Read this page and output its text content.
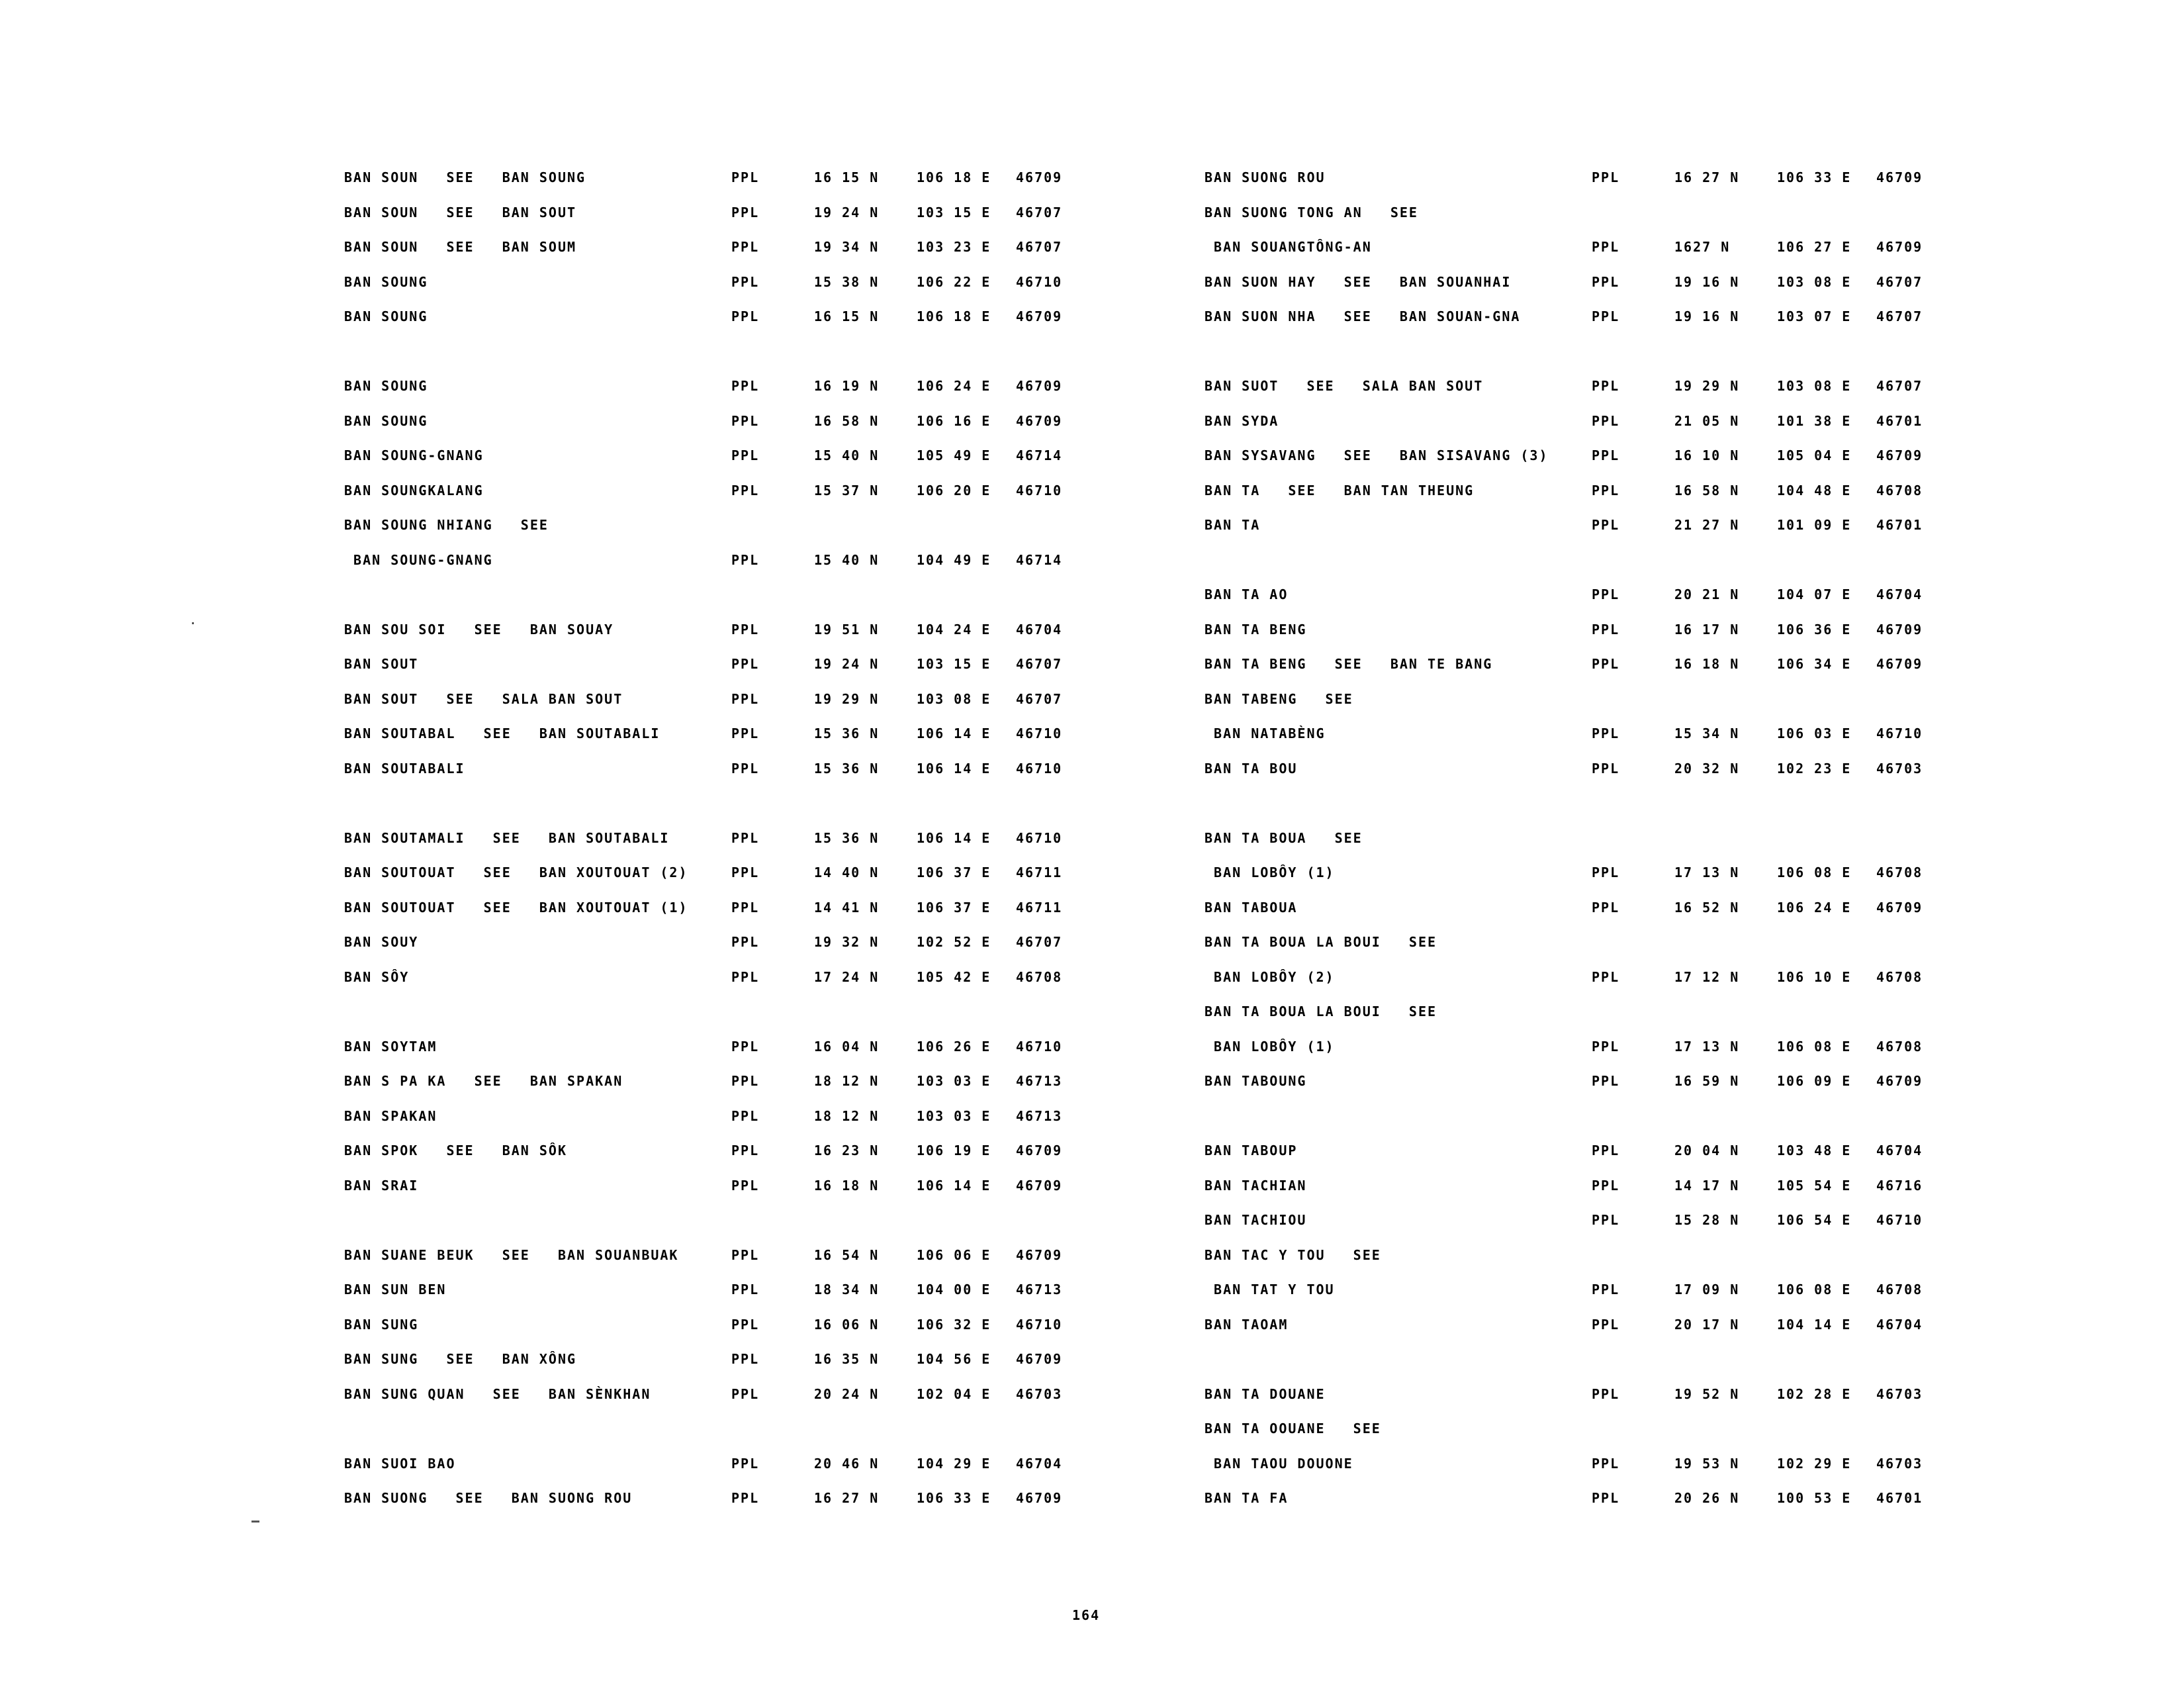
BAN SOUN   SEE   BAN SOUNG	PPL	16 15 N	106 18 E 46709
BAN SOUN   SEE   BAN SOUT	PPL	19 24 N	103 15 E 46707
BAN SOUN   SEE   BAN SOUM	PPL	19 34 N	103 23 E 46707
BAN SOUNG	PPL	15 38 N	106 22 E 46710
BAN SOUNG	PPL	16 15 N	106 18 E 46709
BAN SOUNG	PPL	16 19 N	106 24 E 46709
BAN SOUNG	PPL	16 58 N	106 16 E 46709
BAN SOUNG-GNANG	PPL	15 40 N	105 49 E 46714
BAN SOUNGKALANG	PPL	15 37 N	106 20 E 46710
BAN SOUNG NHIANG   SEE
BAN SOUNG-GNANG	PPL	15 40 N	104 49 E 46714
BAN SOU SOI   SEE   BAN SOUAY	PPL	19 51 N	104 24 E 46704
BAN SOUT	PPL	19 24 N	103 15 E 46707
BAN SOUT   SEE   SALA BAN SOUT	PPL	19 29 N	103 08 E 46707
BAN SOUTABAL   SEE   BAN SOUTABALI	PPL	15 36 N	106 14 E 46710
BAN SOUTABALI	PPL	15 36 N	106 14 E 46710
BAN SOUTAMALI   SEE   BAN SOUTABALI	PPL	15 36 N	106 14 E 46710
BAN SOUTOUAT   SEE   BAN XOUTOUAT (2)	PPL	14 40 N	106 37 E 46711
BAN SOUTOUAT   SEE   BAN XOUTOUAT (1)	PPL	14 41 N	106 37 E 46711
BAN SOUY	PPL	19 32 N	102 52 E 46707
BAN SÔY	PPL	17 24 N	105 42 E 46708
BAN SOYTAM	PPL	16 04 N	106 26 E 46710
BAN S PA KA   SEE   BAN SPAKAN	PPL	18 12 N	103 03 E 46713
BAN SPAKAN	PPL	18 12 N	103 03 E 46713
BAN SPOK   SEE   BAN SÔK	PPL	16 23 N	106 19 E 46709
BAN SRAI	PPL	16 18 N	106 14 E 46709
BAN SUANE BEUK   SEE   BAN SOUANBUAK	PPL	16 54 N	106 06 E 46709
BAN SUN BEN	PPL	18 34 N	104 00 E 46713
BAN SUNG	PPL	16 06 N	106 32 E 46710
BAN SUNG   SEE   BAN XÔNG	PPL	16 35 N	104 56 E 46709
BAN SUNG QUAN   SEE   BAN SÈNKHAN	PPL	20 24 N	102 04 E 46703
BAN SUOI BAO	PPL	20 46 N	104 29 E 46704
BAN SUONG   SEE   BAN SUONG ROU	PPL	16 27 N	106 33 E 46709
BAN SUONG ROU	PPL	16 27 N	106 33 E 46709
BAN SUONG TONG AN   SEE
BAN SOUANGTÔNG-AN	PPL	1627 N	106 27 E 46709
BAN SUON HAY   SEE   BAN SOUANHAI	PPL	19 16 N	103 08 E 46707
BAN SUON NHA   SEE   BAN SOUAN-GNA	PPL	19 16 N	103 07 E 46707
BAN SUOT   SEE   SALA BAN SOUT	PPL	19 29 N	103 08 E 46707
BAN SYDA	PPL	21 05 N	101 38 E 46701
BAN SYSAVANG   SEE   BAN SISAVANG (3)	PPL	16 10 N	105 04 E 46709
BAN TA   SEE   BAN TAN THEUNG	PPL	16 58 N	104 48 E 46708
BAN TA	PPL	21 27 N	101 09 E 46701
BAN TA AO	PPL	20 21 N	104 07 E 46704
BAN TA BENG	PPL	16 17 N	106 36 E 46709
BAN TA BENG   SEE   BAN TE BANG	PPL	16 18 N	106 34 E 46709
BAN TABENG   SEE
BAN NATABÈNG	PPL	15 34 N	106 03 E 46710
BAN TA BOU	PPL	20 32 N	102 23 E 46703
BAN TA BOUA   SEE
BAN LOBÔY (1)	PPL	17 13 N	106 08 E 46708
BAN TABOUA	PPL	16 52 N	106 24 E 46709
BAN TA BOUA LA BOUI   SEE
BAN LOBÔY (2)	PPL	17 12 N	106 10 E 46708
BAN TA BOUA LA BOUI   SEE
BAN LOBÔY (1)	PPL	17 13 N	106 08 E 46708
BAN TABOUNG	PPL	16 59 N	106 09 E 46709
BAN TABOUP	PPL	20 04 N	103 48 E 46704
BAN TACHIAN	PPL	14 17 N	105 54 E 46716
BAN TACHIOU	PPL	15 28 N	106 54 E 46710
BAN TAC Y TOU   SEE
BAN TAT Y TOU	PPL	17 09 N	106 08 E 46708
BAN TAOAM	PPL	20 17 N	104 14 E 46704
BAN TA DOUANE	PPL	19 52 N	102 28 E 46703
BAN TA OOUANE   SEE
BAN TAOU DOUONE	PPL	19 53 N	102 29 E 46703
BAN TA FA	PPL	20 26 N	100 53 E 46701
164
